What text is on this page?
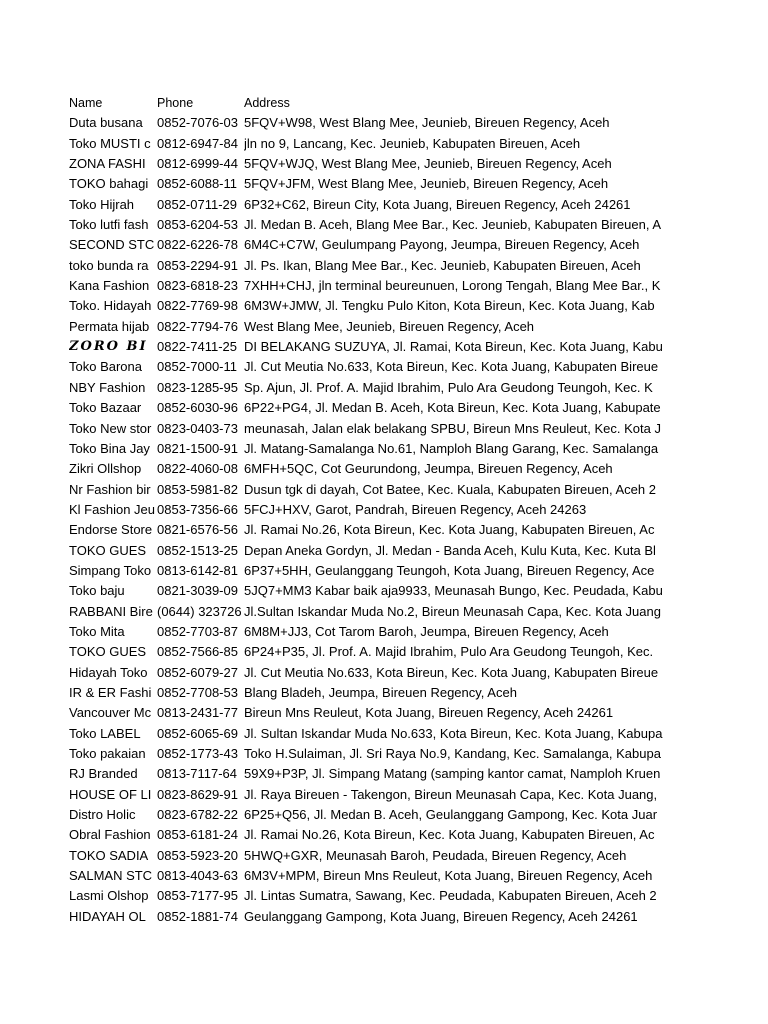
Name	Phone	Address
Duta busana	0852-7076-03 5FQV+W98, West Blang Mee, Jeunieb, Bireuen Regency, Aceh
Toko MUSTI c 0812-6947-84 jln no 9, Lancang, Kec. Jeunieb, Kabupaten Bireuen, Aceh
ZONA FASHI 0812-6999-44 5FQV+WJQ, West Blang Mee, Jeunieb, Bireuen Regency, Aceh
TOKO bahagi 0852-6088-11 5FQV+JFM, West Blang Mee, Jeunieb, Bireuen Regency, Aceh
Toko Hijrah	0852-0711-29 6P32+C62, Bireun City, Kota Juang, Bireuen Regency, Aceh 24261
Toko lutfi fash 0853-6204-53 Jl. Medan B. Aceh, Blang Mee Bar., Kec. Jeunieb, Kabupaten Bireuen, A
SECOND STC 0822-6226-78 6M4C+C7W, Geulumpang Payong, Jeumpa, Bireuen Regency, Aceh
toko bunda ra 0853-2294-91 Jl. Ps. Ikan, Blang Mee Bar., Kec. Jeunieb, Kabupaten Bireuen, Aceh
Kana Fashion 0823-6818-23 7XHH+CHJ, jln terminal beureunuen, Lorong Tengah, Blang Mee Bar., K
Toko. Hidayah 0822-7769-98 6M3W+JMW, Jl. Tengku Pulo Kiton, Kota Bireun, Kec. Kota Juang, Kab
Permata hijab 0822-7794-76 West Blang Mee, Jeunieb, Bireuen Regency, Aceh
ZORO BI 0822-7411-25 DI BELAKANG SUZUYA, Jl. Ramai, Kota Bireun, Kec. Kota Juang, Kabu
Toko Barona	0852-7000-11 Jl. Cut Meutia No.633, Kota Bireun, Kec. Kota Juang, Kabupaten Bireue
NBY Fashion 0823-1285-95 Sp. Ajun, Jl. Prof. A. Majid Ibrahim, Pulo Ara Geudong Teungoh, Kec. K
Toko Bazaar	0852-6030-96 6P22+PG4, Jl. Medan B. Aceh, Kota Bireun, Kec. Kota Juang, Kabupate
Toko New stor 0823-0403-73 meunasah, Jalan elak belakang SPBU, Bireun Mns Reuleut, Kec. Kota J
Toko Bina Jay 0821-1500-91 Jl. Matang-Samalanga No.61, Namploh Blang Garang, Kec. Samalanga
Zikri Ollshop	0822-4060-08 6MFH+5QC, Cot Geurundong, Jeumpa, Bireuen Regency, Aceh
Nr Fashion bir 0853-5981-82 Dusun tgk di dayah, Cot Batee, Kec. Kuala, Kabupaten Bireuen, Aceh 2
Kl Fashion Jeu 0853-7356-66 5FCJ+HXV, Garot, Pandrah, Bireuen Regency, Aceh 24263
Endorse Store 0821-6576-56 Jl. Ramai No.26, Kota Bireun, Kec. Kota Juang, Kabupaten Bireuen, Ac
TOKO GUES 0852-1513-25 Depan Aneka Gordyn, Jl. Medan - Banda Aceh, Kulu Kuta, Kec. Kuta Bl
Simpang Toko 0813-6142-81 6P37+5HH, Geulanggang Teungoh, Kota Juang, Bireuen Regency, Ace
Toko baju	0821-3039-09 5JQ7+MM3 Kabar baik aja9933, Meunasah Bungo, Kec. Peudada, Kabu
RABBANI Bire (0644) 323726 Jl.Sultan Iskandar Muda No.2, Bireun Meunasah Capa, Kec. Kota Juang
Toko Mita	0852-7703-87 6M8M+JJ3, Cot Tarom Baroh, Jeumpa, Bireuen Regency, Aceh
TOKO GUES 0852-7566-85 6P24+P35, Jl. Prof. A. Majid Ibrahim, Pulo Ara Geudong Teungoh, Kec.
Hidayah Toko 0852-6079-27 Jl. Cut Meutia No.633, Kota Bireun, Kec. Kota Juang, Kabupaten Bireue
IR & ER Fashi 0852-7708-53 Blang Bladeh, Jeumpa, Bireuen Regency, Aceh
Vancouver Mc 0813-2431-77 Bireun Mns Reuleut, Kota Juang, Bireuen Regency, Aceh 24261
Toko LABEL	0852-6065-69 Jl. Sultan Iskandar Muda No.633, Kota Bireun, Kec. Kota Juang, Kabupa
Toko pakaian 0852-1773-43 Toko H.Sulaiman, Jl. Sri Raya No.9, Kandang, Kec. Samalanga, Kabupa
RJ Branded	0813-7117-64 59X9+P3P, Jl. Simpang Matang (samping kantor camat, Namploh Kruen
HOUSE OF LI 0823-8629-91 Jl. Raya Bireuen - Takengon, Bireun Meunasah Capa, Kec. Kota Juang,
Distro Holic	0823-6782-22 6P25+Q56, Jl. Medan B. Aceh, Geulanggang Gampong, Kec. Kota Juar
Obral Fashion 0853-6181-24 Jl. Ramai No.26, Kota Bireun, Kec. Kota Juang, Kabupaten Bireuen, Ac
TOKO SADIA 0853-5923-20 5HWQ+GXR, Meunasah Baroh, Peudada, Bireuen Regency, Aceh
SALMAN STC 0813-4043-63 6M3V+MPM, Bireun Mns Reuleut, Kota Juang, Bireuen Regency, Aceh
Lasmi Olshop 0853-7177-95 Jl. Lintas Sumatra, Sawang, Kec. Peudada, Kabupaten Bireuen, Aceh 2
HIDAYAH OL 0852-1881-74 Geulanggang Gampong, Kota Juang, Bireuen Regency, Aceh 24261
